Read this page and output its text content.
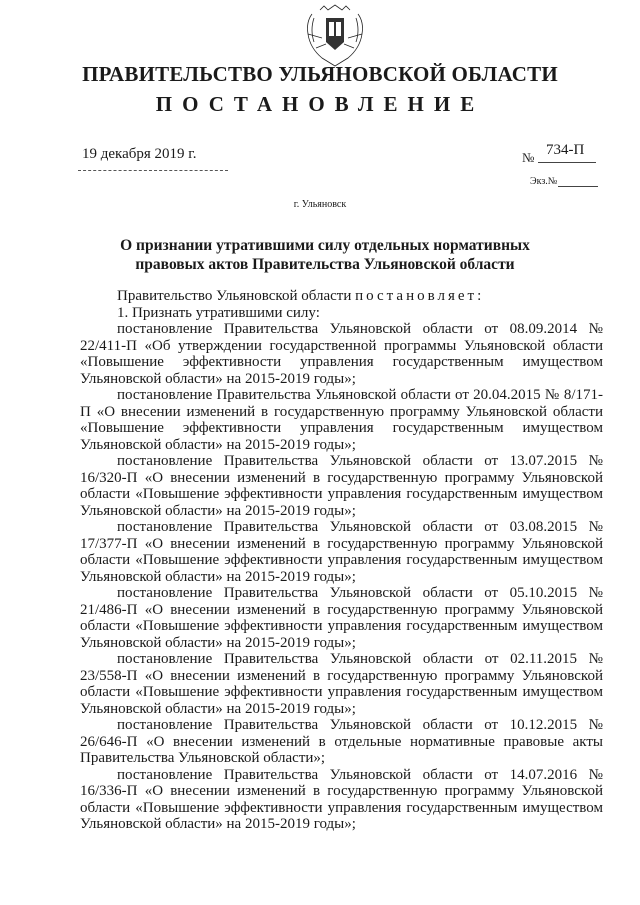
ПРАВИТЕЛЬСТВО УЛЬЯНОВСКОЙ ОБЛАСТИ
ПОСТАНОВЛЕНИЕ
19 декабря 2019 г.	№ 734-П
Экз.№
г. Ульяновск
О признании утратившими силу отдельных нормативных правовых актов Правительства Ульяновской области

Правительство Ульяновской области постановляет:

1. Признать утратившими силу:

постановление Правительства Ульяновской области от 08.09.2014 № 22/411-П «Об утверждении государственной программы Ульяновской области «Повышение эффективности управления государственным имуществом Ульяновской области» на 2015-2019 годы»;

постановление Правительства Ульяновской области от 20.04.2015 № 8/171-П «О внесении изменений в государственную программу Ульяновской области «Повышение эффективности управления государственным имуществом Ульяновской области» на 2015-2019 годы»;

постановление Правительства Ульяновской области от 13.07.2015 № 16/320-П «О внесении изменений в государственную программу Ульяновской области «Повышение эффективности управления государственным имуществом Ульяновской области» на 2015-2019 годы»;

постановление Правительства Ульяновской области от 03.08.2015 № 17/377-П «О внесении изменений в государственную программу Ульяновской области «Повышение эффективности управления государственным имуществом Ульяновской области» на 2015-2019 годы»;

постановление Правительства Ульяновской области от 05.10.2015 № 21/486-П «О внесении изменений в государственную программу Ульяновской области «Повышение эффективности управления государственным имуществом Ульяновской области» на 2015-2019 годы»;

постановление Правительства Ульяновской области от 02.11.2015 № 23/558-П «О внесении изменений в государственную программу Ульяновской области «Повышение эффективности управления государственным имуществом Ульяновской области» на 2015-2019 годы»;

постановление Правительства Ульяновской области от 10.12.2015 № 26/646-П «О внесении изменений в отдельные нормативные правовые акты Правительства Ульяновской области»;

постановление Правительства Ульяновской области от 14.07.2016 № 16/336-П «О внесении изменений в государственную программу Ульяновской области «Повышение эффективности управления государственным имуществом Ульяновской области» на 2015-2019 годы»;
